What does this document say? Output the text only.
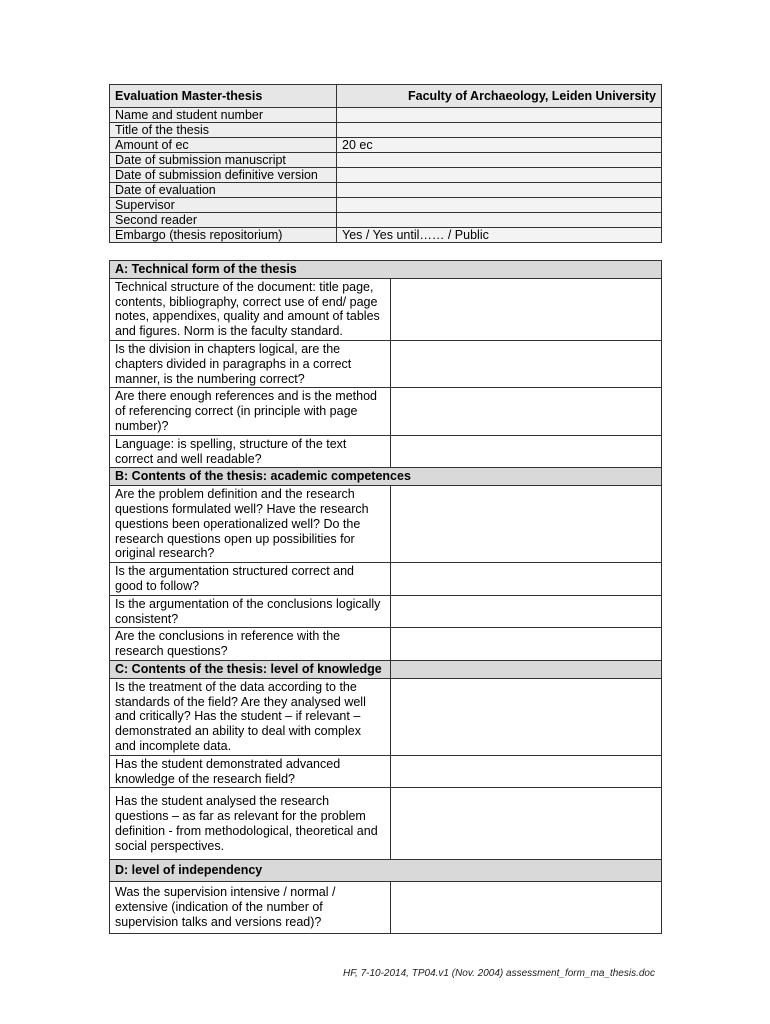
Evaluation Master-thesis	Faculty of Archaeology, Leiden University
Name and student number	
Title of the thesis	
Amount of ec	20 ec
Date of submission manuscript	
Date of submission definitive version	
Date of evaluation	
Supervisor	
Second reader	
Embargo (thesis repositorium)	Yes / Yes until…… / Public
A: Technical form of the thesis	
Technical structure of the document: title page, contents, bibliography, correct use of end/ page notes, appendixes, quality and amount of tables and figures. Norm is the faculty standard.	
Is the division in chapters logical, are the chapters divided in paragraphs in a correct manner, is the numbering correct?	
Are there enough references and is the method of referencing correct (in principle with page number)?	
Language: is spelling, structure of the text correct and well readable?	
B: Contents of the thesis: academic competences	
Are the problem definition and the research questions formulated well? Have the research questions been operationalized well? Do the research questions open up possibilities for original research?	
Is the argumentation structured correct and good to follow?	
Is the argumentation of the conclusions logically consistent?	
Are the conclusions in reference with the research questions?	
C: Contents of the thesis: level of knowledge	
Is the treatment of the data according to the standards of the field? Are they analysed well and critically? Has the student – if relevant –demonstrated an ability to deal with complex and incomplete data.	
Has the student demonstrated advanced knowledge of the research field?	
Has the student analysed the research questions – as far as relevant for the problem definition - from methodological, theoretical and social perspectives.	
D: level of independency	
Was the supervision intensive / normal / extensive (indication of the number of supervision talks and versions read)?	
HF, 7-10-2014, TP04.v1 (Nov. 2004) assessment_form_ma_thesis.doc
